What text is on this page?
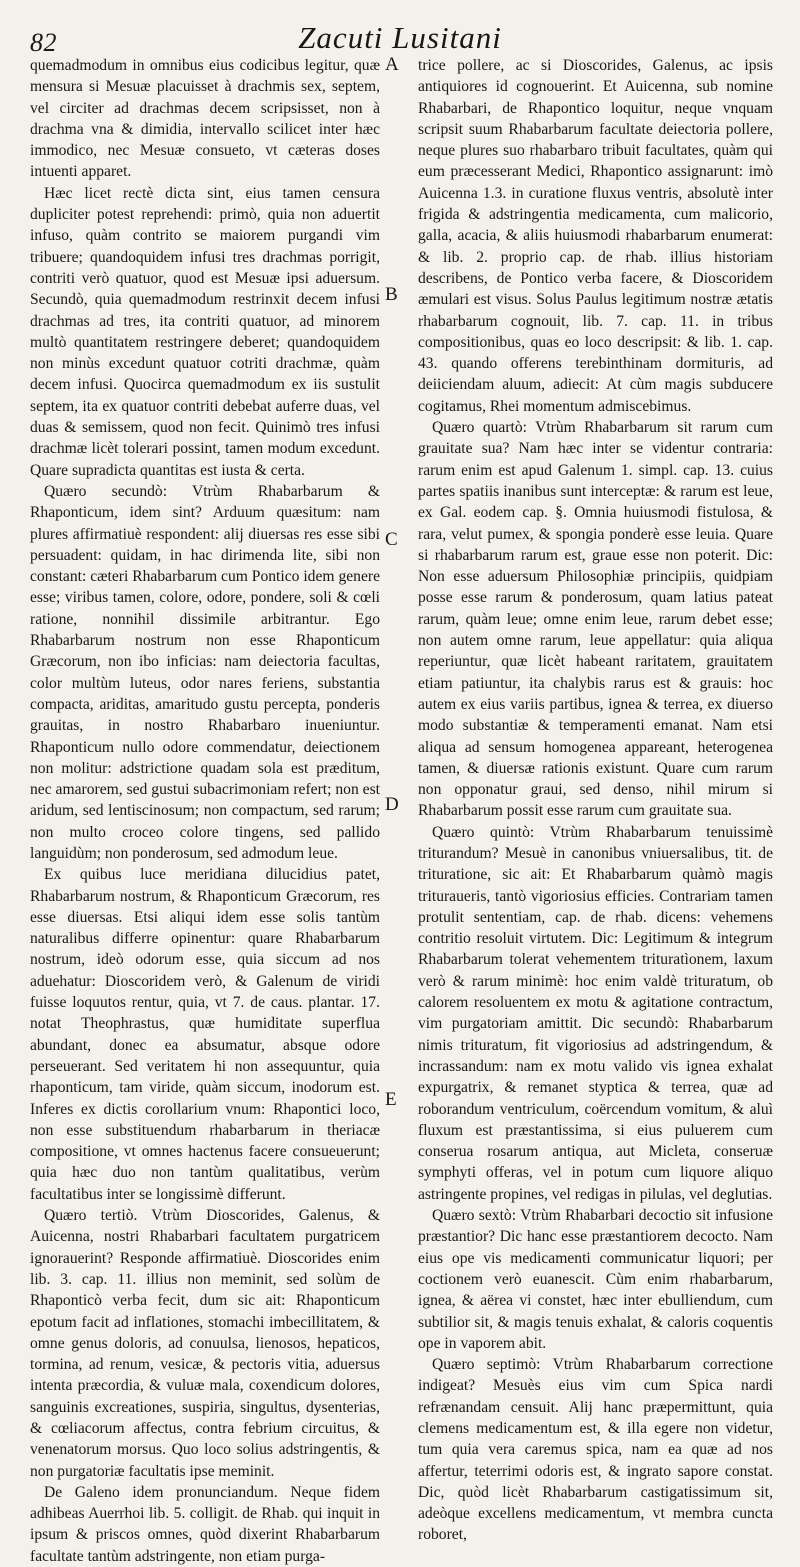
82	Zacuti Lusitani

quemadmodum in omnibus eius codicibus legitur, quæ mensura si Mesuæ placuisset à drachmis sex, septem, vel circiter ad drachmas decem scripsisset, non à drachma vna & dimidia, intervallo scilicet inter hæc immodico, nec Mesuæ consueto, vt cæteras doses intuenti apparet.

Hæc licet rectè dicta sint, eius tamen censura dupliciter potest reprehendi: primò, quia non aduertit infuso, quàm contrito se maiorem purgandi vim tribuere; quandoquidem infusi tres drachmas porrigit, contriti verò quatuor, quod est Mesuæ ipsi aduersum. Secundò, quia quemadmodum restrinxit decem infusi drachmas ad tres, ita contriti quatuor, ad minorem multò quantitatem restringere deberet; quandoquidem non minùs excedunt quatuor cotriti drachmæ, quàm decem infusi. Quocirca quemadmodum ex iis sustulit septem, ita ex quatuor contriti debebat auferre duas, vel duas & semissem, quod non fecit. Quinimò tres infusi drachmæ licèt tolerari possint, tamen modum excedunt. Quare supradicta quantitas est iusta & certa.

Quæro secundò: Vtrùm Rhabarbarum & Rhaponticum, idem sint? Arduum quæsitum: nam plures affirmatiuè respondent: alij diuersas res esse sibi persuadent: quidam, in hac dirimenda lite, sibi non constant: cæteri Rhabarbarum cum Pontico idem genere esse; viribus tamen, colore, odore, pondere, soli & cœli ratione, nonnihil dissimile arbitrantur. Ego Rhabarbarum nostrum non esse Rhaponticum Græcorum, non ibo inficias: nam deiectoria facultas, color multùm luteus, odor nares feriens, substantia compacta, ariditas, amaritudo gustu percepta, ponderis grauitas, in nostro Rhabarbaro inueniuntur. Rhaponticum nullo odore commendatur, deiectionem non molitur: adstrictione quadam sola est præditum, nec amarorem, sed gustui subacrimoniam refert; non est aridum, sed lentiscinosum; non compactum, sed rarum; non multo croceo colore tingens, sed pallido languidùm; non ponderosum, sed admodum leue.

Ex quibus luce meridiana dilucidius patet, Rhabarbarum nostrum, & Rhaponticum Græcorum, res esse diuersas. Etsi aliqui idem esse solis tantùm naturalibus differre opinentur: quare Rhabarbarum nostrum, ideò odorum esse, quia siccum ad nos aduehatur: Dioscoridem verò, & Galenum de viridi fuisse loquutos rentur, quia, vt 7. de caus. plantar. 17. notat Theophrastus, quæ humiditate superflua abundant, donec ea absumatur, absque odore perseuerant. Sed veritatem hi non assequuntur, quia rhaponticum, tam viride, quàm siccum, inodorum est. Inferes ex dictis corollarium vnum: Rhapontici loco, non esse substituendum rhabarbarum in theriacæ compositione, vt omnes hactenus facere consueuerunt; quia hæc duo non tantùm qualitatibus, verùm facultatibus inter se longissimè differunt.

Quæro tertiò. Vtrùm Dioscorides, Galenus, & Auicenna, nostri Rhabarbari facultatem purgatricem ignorauerint? Responde affirmatiuè. Dioscorides enim lib. 3. cap. 11. illius non meminit, sed solùm de Rhaponticò verba fecit, dum sic ait: Rhaponticum epotum facit ad inflationes, stomachi imbecillitatem, & omne genus doloris, ad conuulsa, lienosos, hepaticos, tormina, ad renum, vesicæ, & pectoris vitia, aduersus intenta præcordia, & vuluæ mala, coxendicum dolores, sanguinis excreationes, suspiria, singultus, dysenterias, & cœliacorum affectus, contra febrium circuitus, & venenatorum morsus. Quo loco solius adstringentis, & non purgatoriæ facultatis ipse meminit.

De Galeno idem pronunciandum. Neque fidem adhibeas Auerrhoi lib. 5. colligit. de Rhab. qui inquit in ipsum & priscos omnes, quòd dixerint Rhabarbarum facultate tantùm adstringente, non etiam purga-

A
B
C
D
E

trice pollere, ac si Dioscorides, Galenus, ac ipsis antiquiores id cognouerint. Et Auicenna, sub nomine Rhabarbari, de Rhapontico loquitur, neque vnquam scripsit suum Rhabarbarum facultate deiectoria pollere, neque plures suo rhabarbaro tribuit facultates, quàm qui eum præcesserant Medici, Rhapontico assignarunt: imò Auicenna 1.3. in curatione fluxus ventris, absolutè inter frigida & adstringentia medicamenta, cum malicorio, galla, acacia, & aliis huiusmodi rhabarbarum enumerat: & lib. 2. proprio cap. de rhab. illius historiam describens, de Pontico verba facere, & Dioscoridem æmulari est visus. Solus Paulus legitimum nostræ ætatis rhabarbarum cognouit, lib. 7. cap. 11. in tribus compositionibus, quas eo loco descripsit: & lib. 1. cap. 43. quando offerens terebinthinam dormituris, ad deiiciendam aluum, adiecit: At cùm magis subducere cogitamus, Rhei momentum admiscebimus.

Quæro quartò: Vtrùm Rhabarbarum sit rarum cum grauitate sua? Nam hæc inter se videntur contraria: rarum enim est apud Galenum 1. simpl. cap. 13. cuius partes spatiis inanibus sunt interceptæ: & rarum est leue, ex Gal. eodem cap. §. Omnia huiusmodi fistulosa, & rara, velut pumex, & spongia ponderè esse leuia. Quare si rhabarbarum rarum est, graue esse non poterit. Dic: Non esse aduersum Philosophiæ principiis, quidpiam posse esse rarum & ponderosum, quam latius pateat rarum, quàm leue; omne enim leue, rarum debet esse; non autem omne rarum, leue appellatur: quia aliqua reperiuntur, quæ licèt habeant raritatem, grauitatem etiam patiuntur, ita chalybis rarus est & grauis: hoc autem ex eius variis partibus, ignea & terrea, ex diuerso modo substantiæ & temperamenti emanat. Nam etsi aliqua ad sensum homogenea appareant, heterogenea tamen, & diuersæ rationis existunt. Quare cum rarum non opponatur graui, sed denso, nihil mirum si Rhabarbarum possit esse rarum cum grauitate sua.

Quæro quintò: Vtrùm Rhabarbarum tenuissimè triturandum? Mesuè in canonibus vniuersalibus, tit. de trituratione, sic ait: Et Rhabarbarum quàmò magis trituraueris, tantò vigoriosius efficies. Contrariam tamen protulit sententiam, cap. de rhab. dicens: vehemens contritio resoluit virtutem. Dic: Legitimum & integrum Rhabarbarum tolerat vehementem trituratìonem, laxum verò & rarum minimè: hoc enim valdè trituratum, ob calorem resoluentem ex motu & agitatione contractum, vim purgatoriam amittit. Dic secundò: Rhabarbarum nimis trituratum, fit vigoriosius ad adstringendum, & incrassandum: nam ex motu valido vis ignea exhalat expurgatrix, & remanet styptica & terrea, quæ ad roborandum ventriculum, coërcendum vomitum, & aluì fluxum est præstantissima, si eius puluerem cum conserua rosarum antiqua, aut Micleta, conseruæ symphyti offeras, vel in potum cum liquore aliquo astringente propines, vel redigas in pilulas, vel deglutias.

Quæro sextò: Vtrùm Rhabarbari decoctio sit infusione præstantior? Dic hanc esse præstantiorem decocto. Nam eius ope vis medicamenti communicatur liquori; per coctionem verò euanescit. Cùm enim rhabarbarum, ignea, & aërea vi constet, hæc inter ebulliendum, cum subtilior sit, & magis tenuis exhalat, & caloris coquentis ope in vaporem abit.

Quæro septimò: Vtrùm Rhabarbarum correctione indigeat? Mesuès eius vim cum Spica nardi refrænandam censuit. Alij hanc præpermittunt, quia clemens medicamentum est, & illa egere non videtur, tum quia vera caremus spica, nam ea quæ ad nos affertur, teterrimi odoris est, & ingrato sapore constat. Dic, quòd licèt Rhabarbarum castigatissimum sit, adeòque excellens medicamentum, vt membra cuncta roboret,
